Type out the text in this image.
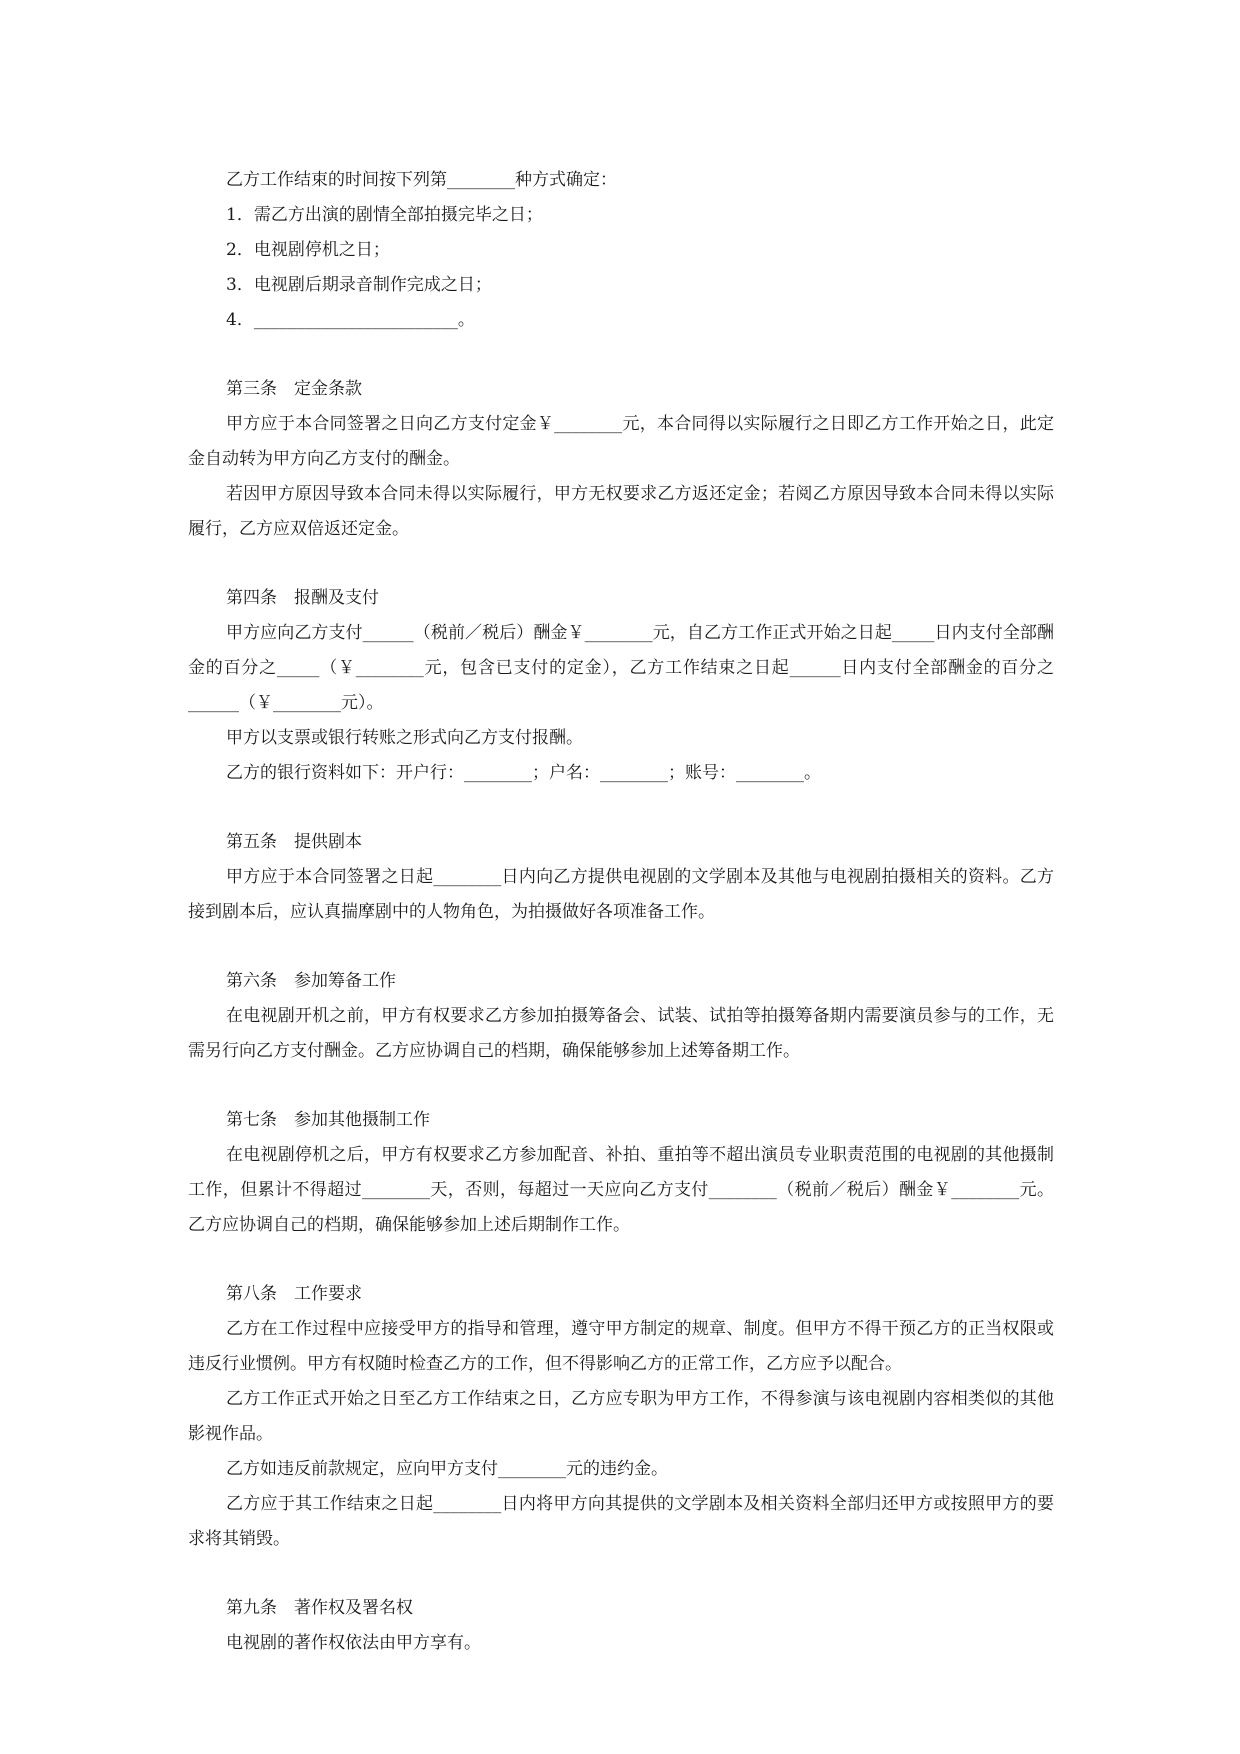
乙方工作结束的时间按下列第________种方式确定：

1．需乙方出演的剧情全部拍摄完毕之日；

2．电视剧停机之日；

3．电视剧后期录音制作完成之日；

4．________________________。

第三条　定金条款

甲方应于本合同签署之日向乙方支付定金￥________元，本合同得以实际履行之日即乙方工作开始之日，此定金自动转为甲方向乙方支付的酬金。

若因甲方原因导致本合同未得以实际履行，甲方无权要求乙方返还定金；若阅乙方原因导致本合同未得以实际履行，乙方应双倍返还定金。

第四条　报酬及支付

甲方应向乙方支付______（税前／税后）酬金￥________元，自乙方工作正式开始之日起_____日内支付全部酬金的百分之_____（￥________元，包含已支付的定金），乙方工作结束之日起______日内支付全部酬金的百分之______（￥________元）。

甲方以支票或银行转账之形式向乙方支付报酬。

乙方的银行资料如下：开户行：________；户名：________；账号：________。

第五条　提供剧本

甲方应于本合同签署之日起________日内向乙方提供电视剧的文学剧本及其他与电视剧拍摄相关的资料。乙方接到剧本后，应认真揣摩剧中的人物角色，为拍摄做好各项准备工作。

第六条　参加筹备工作

在电视剧开机之前，甲方有权要求乙方参加拍摄筹备会、试装、试拍等拍摄筹备期内需要演员参与的工作，无需另行向乙方支付酬金。乙方应协调自己的档期，确保能够参加上述筹备期工作。

第七条　参加其他摄制工作

在电视剧停机之后，甲方有权要求乙方参加配音、补拍、重拍等不超出演员专业职责范围的电视剧的其他摄制工作，但累计不得超过________天，否则，每超过一天应向乙方支付________（税前／税后）酬金￥________元。乙方应协调自己的档期，确保能够参加上述后期制作工作。

第八条　工作要求

乙方在工作过程中应接受甲方的指导和管理，遵守甲方制定的规章、制度。但甲方不得干预乙方的正当权限或违反行业惯例。甲方有权随时检查乙方的工作，但不得影响乙方的正常工作，乙方应予以配合。

乙方工作正式开始之日至乙方工作结束之日，乙方应专职为甲方工作，不得参演与该电视剧内容相类似的其他影视作品。

乙方如违反前款规定，应向甲方支付________元的违约金。

乙方应于其工作结束之日起________日内将甲方向其提供的文学剧本及相关资料全部归还甲方或按照甲方的要求将其销毁。

第九条　著作权及署名权

电视剧的著作权依法由甲方享有。
